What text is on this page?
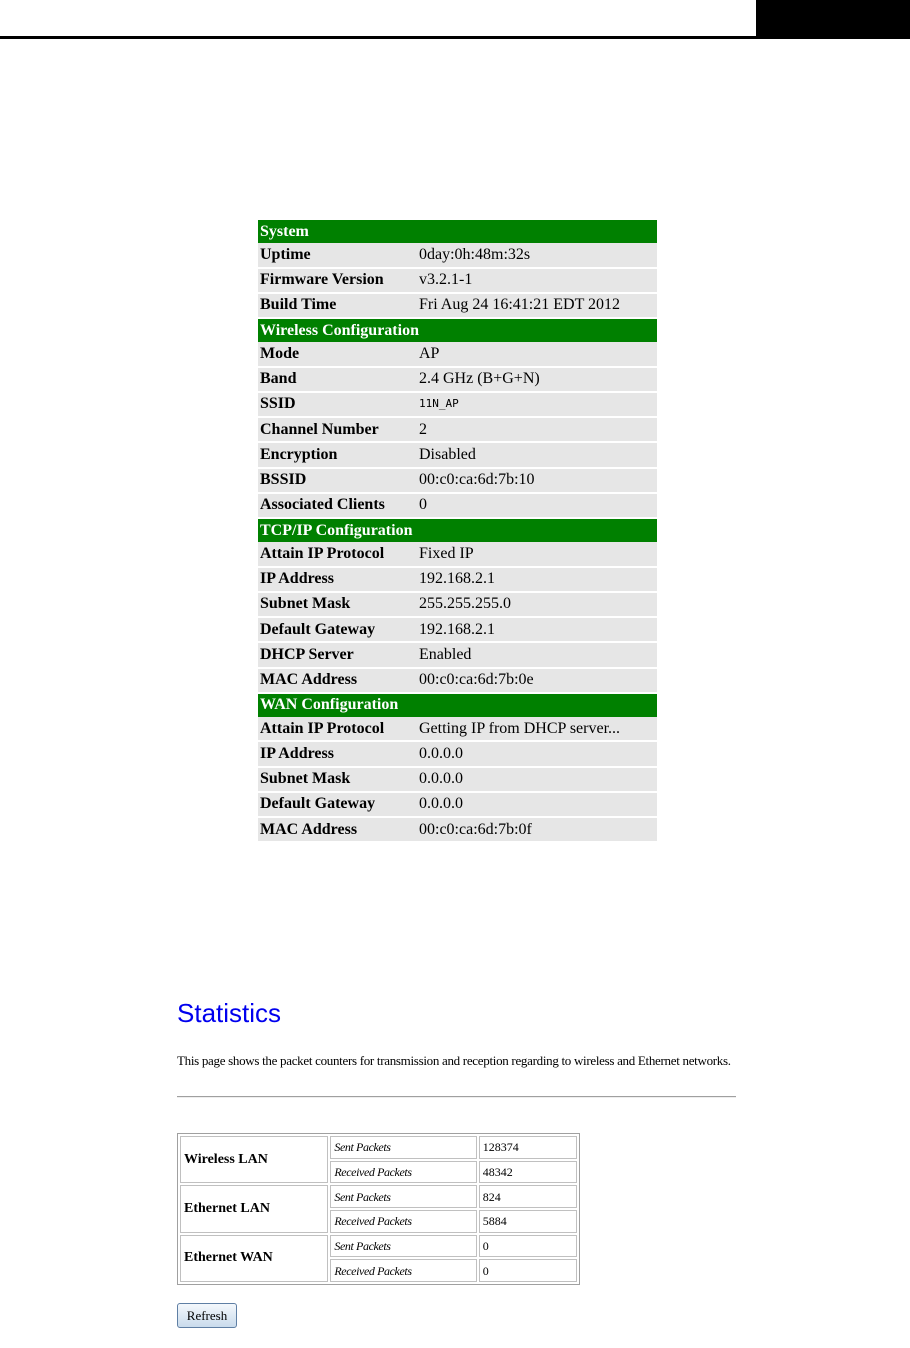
System	
Uptime	0day:0h:48m:32s
Firmware Version	v3.2.1-1
Build Time	Fri Aug 24 16:41:21 EDT 2012
Wireless Configuration	
Mode	AP
Band	2.4 GHz (B+G+N)
SSID	11N_AP
Channel Number	2
Encryption	Disabled
BSSID	00:c0:ca:6d:7b:10
Associated Clients	0
TCP/IP Configuration	
Attain IP Protocol	Fixed IP
IP Address	192.168.2.1
Subnet Mask	255.255.255.0
Default Gateway	192.168.2.1
DHCP Server	Enabled
MAC Address	00:c0:ca:6d:7b:0e
WAN Configuration	
Attain IP Protocol	Getting IP from DHCP server...
IP Address	0.0.0.0
Subnet Mask	0.0.0.0
Default Gateway	0.0.0.0
MAC Address	00:c0:ca:6d:7b:0f
Statistics

This page shows the packet counters for transmission and reception regarding to wireless and Ethernet networks.

Wireless LAN	Sent Packets	128374
	Received Packets	48342
Ethernet LAN	Sent Packets	824
	Received Packets	5884
Ethernet WAN	Sent Packets	0
	Received Packets	0
Refresh
